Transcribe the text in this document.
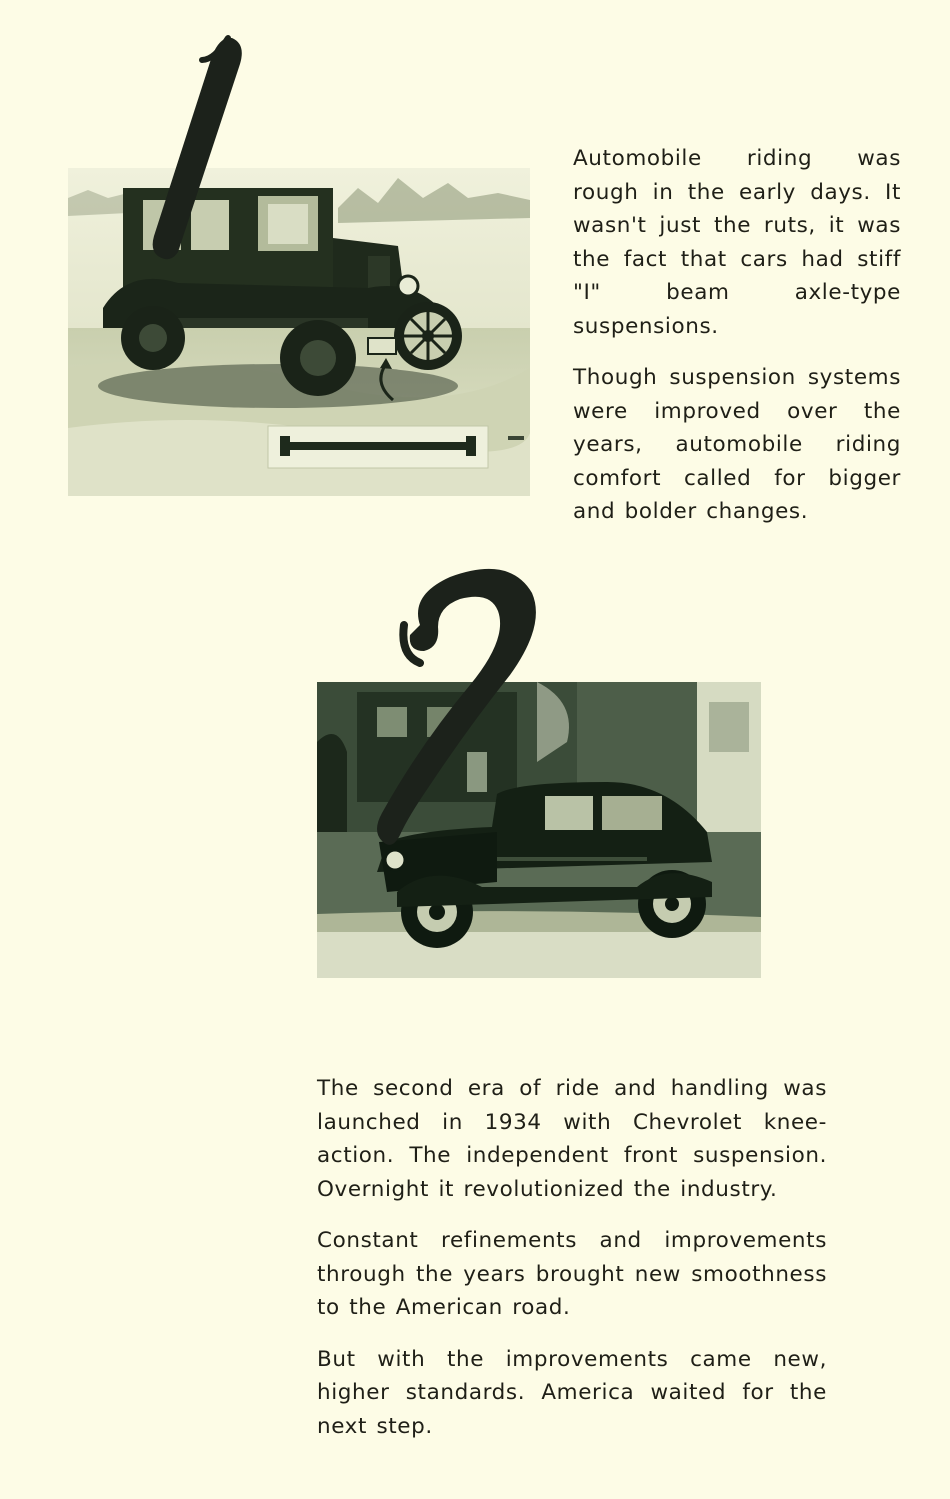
Automobile riding was rough in the early days. It wasn't just the ruts, it was the fact that cars had stiff "I" beam axle-type suspensions.

Though suspension systems were improved over the years, automobile riding comfort called for bigger and bolder changes.

The second era of ride and handling was launched in 1934 with Chevrolet knee-action. The independent front suspension. Overnight it revolutionized the industry.

Constant refinements and improvements through the years brought new smoothness to the American road.

But with the improvements came new, higher standards. America waited for the next step.
